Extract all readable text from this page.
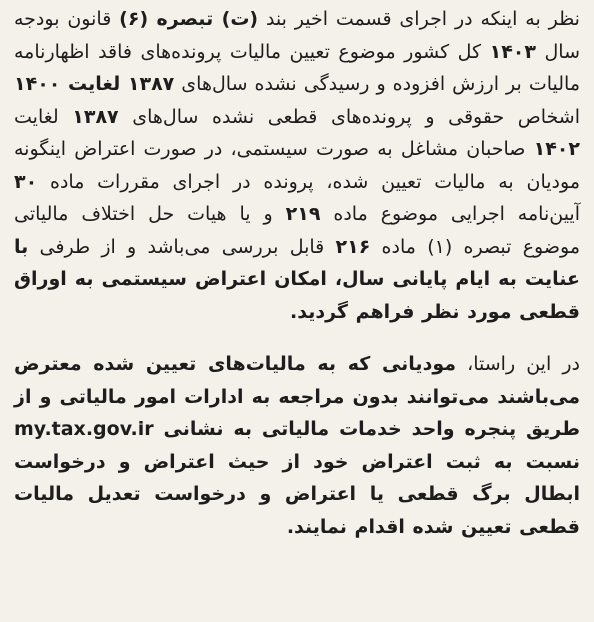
نظر به اینکه در اجرای قسمت اخیر بند (ت) تبصره (۶) قانون بودجه سال ۱۴۰۳ کل کشور موضوع تعیین مالیات پرونده‌های فاقد اظهارنامه مالیات بر ارزش افزوده و رسیدگی نشده سال‌های ۱۳۸۷ لغایت ۱۴۰۰ اشخاص حقوقی و پرونده‌های قطعی نشده سال‌های ۱۳۸۷ لغایت ۱۴۰۲ صاحبان مشاغل به صورت سیستمی، در صورت اعتراض اینگونه مودیان به مالیات تعیین شده، پرونده در اجرای مقررات ماده ۳۰ آیین‌نامه اجرایی موضوع ماده ۲۱۹ و یا هیات حل اختلاف مالیاتی موضوع تبصره (۱) ماده ۲۱۶ قابل بررسی می‌باشد و از طرفی با عنایت به ایام پایانی سال، امکان اعتراض سیستمی به اوراق قطعی مورد نظر فراهم گردید.

در این راستا، مودیانی که به مالیات‌های تعیین شده معترض می‌باشند می‌توانند بدون مراجعه به ادارات امور مالیاتی و از طریق پنجره واحد خدمات مالیاتی به نشانی my.tax.gov.ir نسبت به ثبت اعتراض خود از حیث اعتراض و درخواست ابطال برگ قطعی یا اعتراض و درخواست تعدیل مالیات قطعی تعیین شده اقدام نمایند.
